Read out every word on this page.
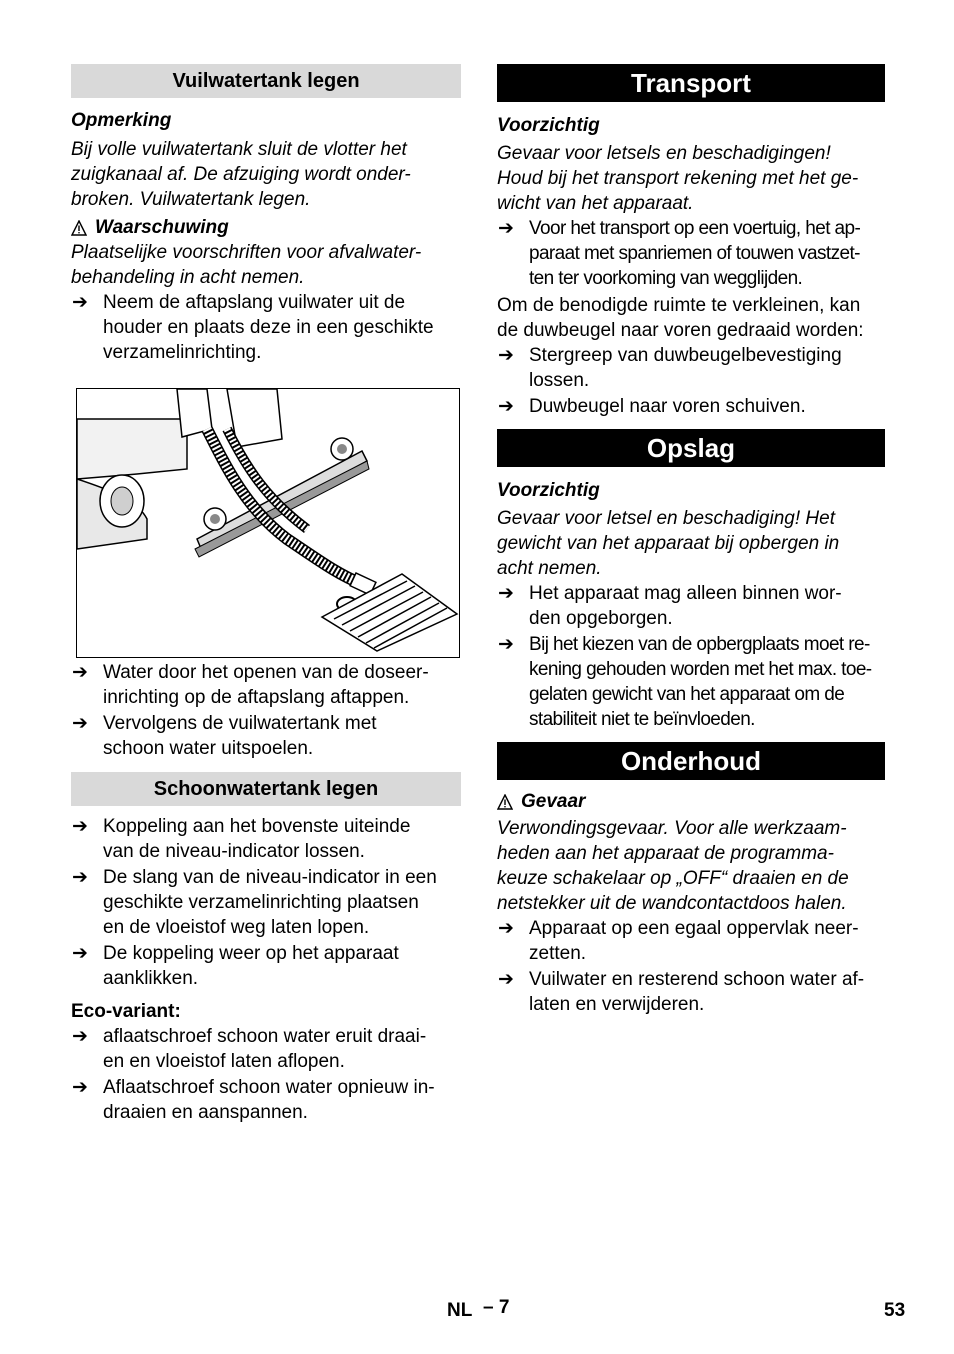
Vuilwatertank legen

Opmerking

Bij volle vuilwatertank sluit de vlotter het

zuigkanaal af. De afzuiging wordt onder-

broken. Vuilwatertank legen.

Waarschuwing

Plaatselijke voorschriften voor afvalwater-

behandeling in acht nemen.

➔ Neem de aftapslang vuilwater uit de
houder en plaats deze in een geschikte
verzamelinrichting.
➔ Water door het openen van de doseer-
inrichting op de aftapslang aftappen.
➔ Vervolgens de vuilwatertank met
schoon water uitspoelen.
Schoonwatertank legen
➔ Koppeling aan het bovenste uiteinde
van de niveau-indicator lossen.
➔ De slang van de niveau-indicator in een
geschikte verzamelinrichting plaatsen
en de vloeistof weg laten lopen.
➔ De koppeling weer op het apparaat
aanklikken.

Eco-variant:

➔ aflaatschroef schoon water eruit draai-
en en vloeistof laten aflopen.
➔ Aflaatschroef schoon water opnieuw in-
draaien en aanspannen.
Transport

Voorzichtig

Gevaar voor letsels en beschadigingen!

Houd bij het transport rekening met het ge-

wicht van het apparaat.

➔ Voor het transport op een voertuig, het ap-
paraat met spanriemen of touwen vastzet-
ten ter voorkoming van wegglijden.

Om de benodigde ruimte te verkleinen, kan

de duwbeugel naar voren gedraaid worden:

➔ Stergreep van duwbeugelbevestiging
lossen.
➔ Duwbeugel naar voren schuiven.
Opslag

Voorzichtig

Gevaar voor letsel en beschadiging! Het

gewicht van het apparaat bij opbergen in

acht nemen.

➔ Het apparaat mag alleen binnen wor-
den opgeborgen.
➔ Bij het kiezen van de opbergplaats moet re-
kening gehouden worden met het max. toe-
gelaten gewicht van het apparaat om de
stabiliteit niet te beïnvloeden.
Onderhoud
Gevaar

Verwondingsgevaar. Voor alle werkzaam-

heden aan het apparaat de programma-

keuze schakelaar op „OFF“ draaien en de

netstekker uit de wandcontactdoos halen.

➔ Apparaat op een egaal oppervlak neer-
zetten.
➔ Vuilwater en resterend schoon water af-
laten en verwijderen.
NL – 7	53
